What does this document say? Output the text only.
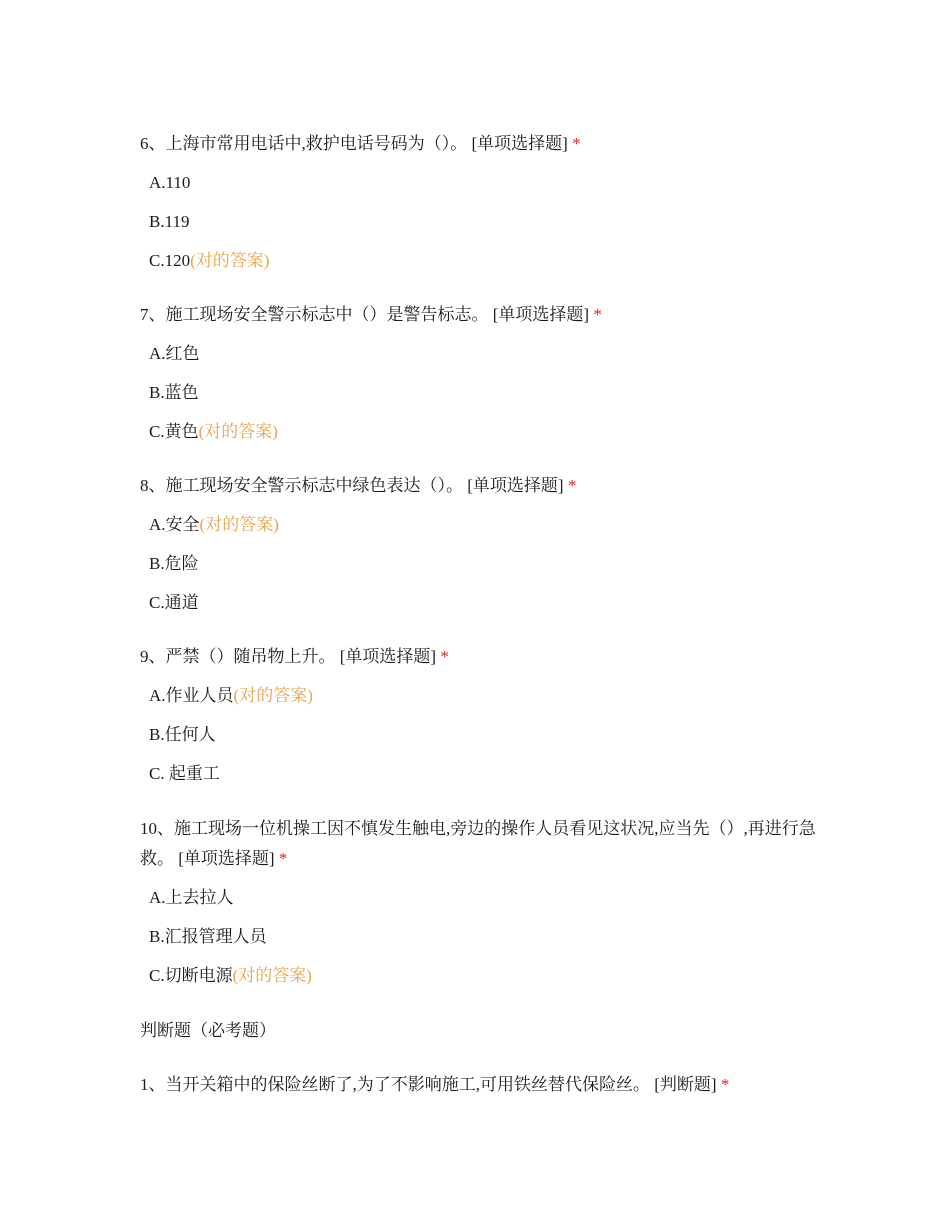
6、上海市常用电话中,救护电话号码为（）。 [单项选择题] *

A.110
B.119
C.120(对的答案)

7、施工现场安全警示标志中（）是警告标志。 [单项选择题] *

A.红色
B.蓝色
C.黄色(对的答案)

8、施工现场安全警示标志中绿色表达（）。 [单项选择题] *

A.安全(对的答案)
B.危险
C.通道

9、严禁（）随吊物上升。 [单项选择题] *

A.作业人员(对的答案)
B.任何人
C. 起重工

10、施工现场一位机操工因不慎发生触电,旁边的操作人员看见这状况,应当先（）,再进行急救。 [单项选择题] *

A.上去拉人
B.汇报管理人员
C.切断电源(对的答案)
判断题（必考题）

1、当开关箱中的保险丝断了,为了不影响施工,可用铁丝替代保险丝。 [判断题] *
